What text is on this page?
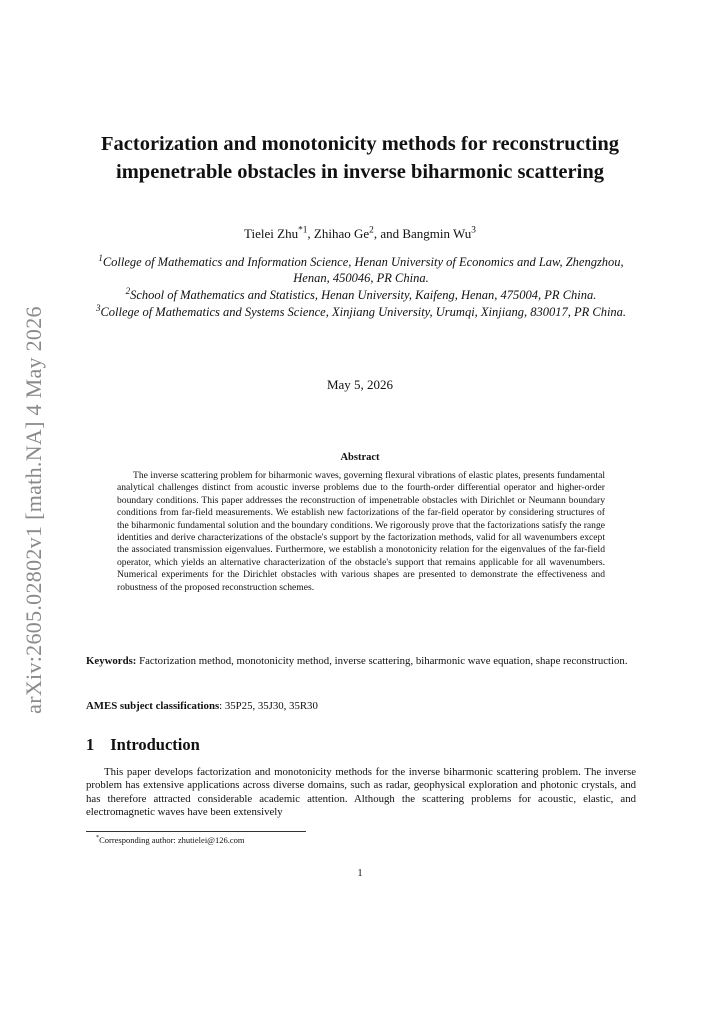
arXiv:2605.02802v1 [math.NA] 4 May 2026
Factorization and monotonicity methods for reconstructing impenetrable obstacles in inverse biharmonic scattering
Tielei Zhu$^{*1}$, Zhihao Ge$^2$, and Bangmin Wu$^3$
$^1$College of Mathematics and Information Science, Henan University of Economics and Law, Zhengzhou, Henan, 450046, PR China.
$^2$School of Mathematics and Statistics, Henan University, Kaifeng, Henan, 475004, PR China.
$^3$College of Mathematics and Systems Science, Xinjiang University, Urumqi, Xinjiang, 830017, PR China.
May 5, 2026
Abstract
The inverse scattering problem for biharmonic waves, governing flexural vibrations of elastic plates, presents fundamental analytical challenges distinct from acoustic inverse problems due to the fourth-order differential operator and higher-order boundary conditions. This paper addresses the reconstruction of impenetrable obstacles with Dirichlet or Neumann boundary conditions from far-field measurements. We establish new factorizations of the far-field operator by considering structures of the biharmonic fundamental solution and the boundary conditions. We rigorously prove that the factorizations satisfy the range identities and derive characterizations of the obstacle's support by the factorization methods, valid for all wavenumbers except the associated transmission eigenvalues. Furthermore, we establish a monotonicity relation for the eigenvalues of the far-field operator, which yields an alternative characterization of the obstacle's support that remains applicable for all wavenumbers. Numerical experiments for the Dirichlet obstacles with various shapes are presented to demonstrate the effectiveness and robustness of the proposed reconstruction schemes.
Keywords: Factorization method, monotonicity method, inverse scattering, biharmonic wave equation, shape reconstruction.
AMES subject classifications: 35P25, 35J30, 35R30
1 Introduction
This paper develops factorization and monotonicity methods for the inverse biharmonic scattering problem. The inverse problem has extensive applications across diverse domains, such as radar, geophysical exploration and photonic crystals, and has therefore attracted considerable academic attention. Although the scattering problems for acoustic, elastic, and electromagnetic waves have been extensively
*Corresponding author: zhutielei@126.com
1
